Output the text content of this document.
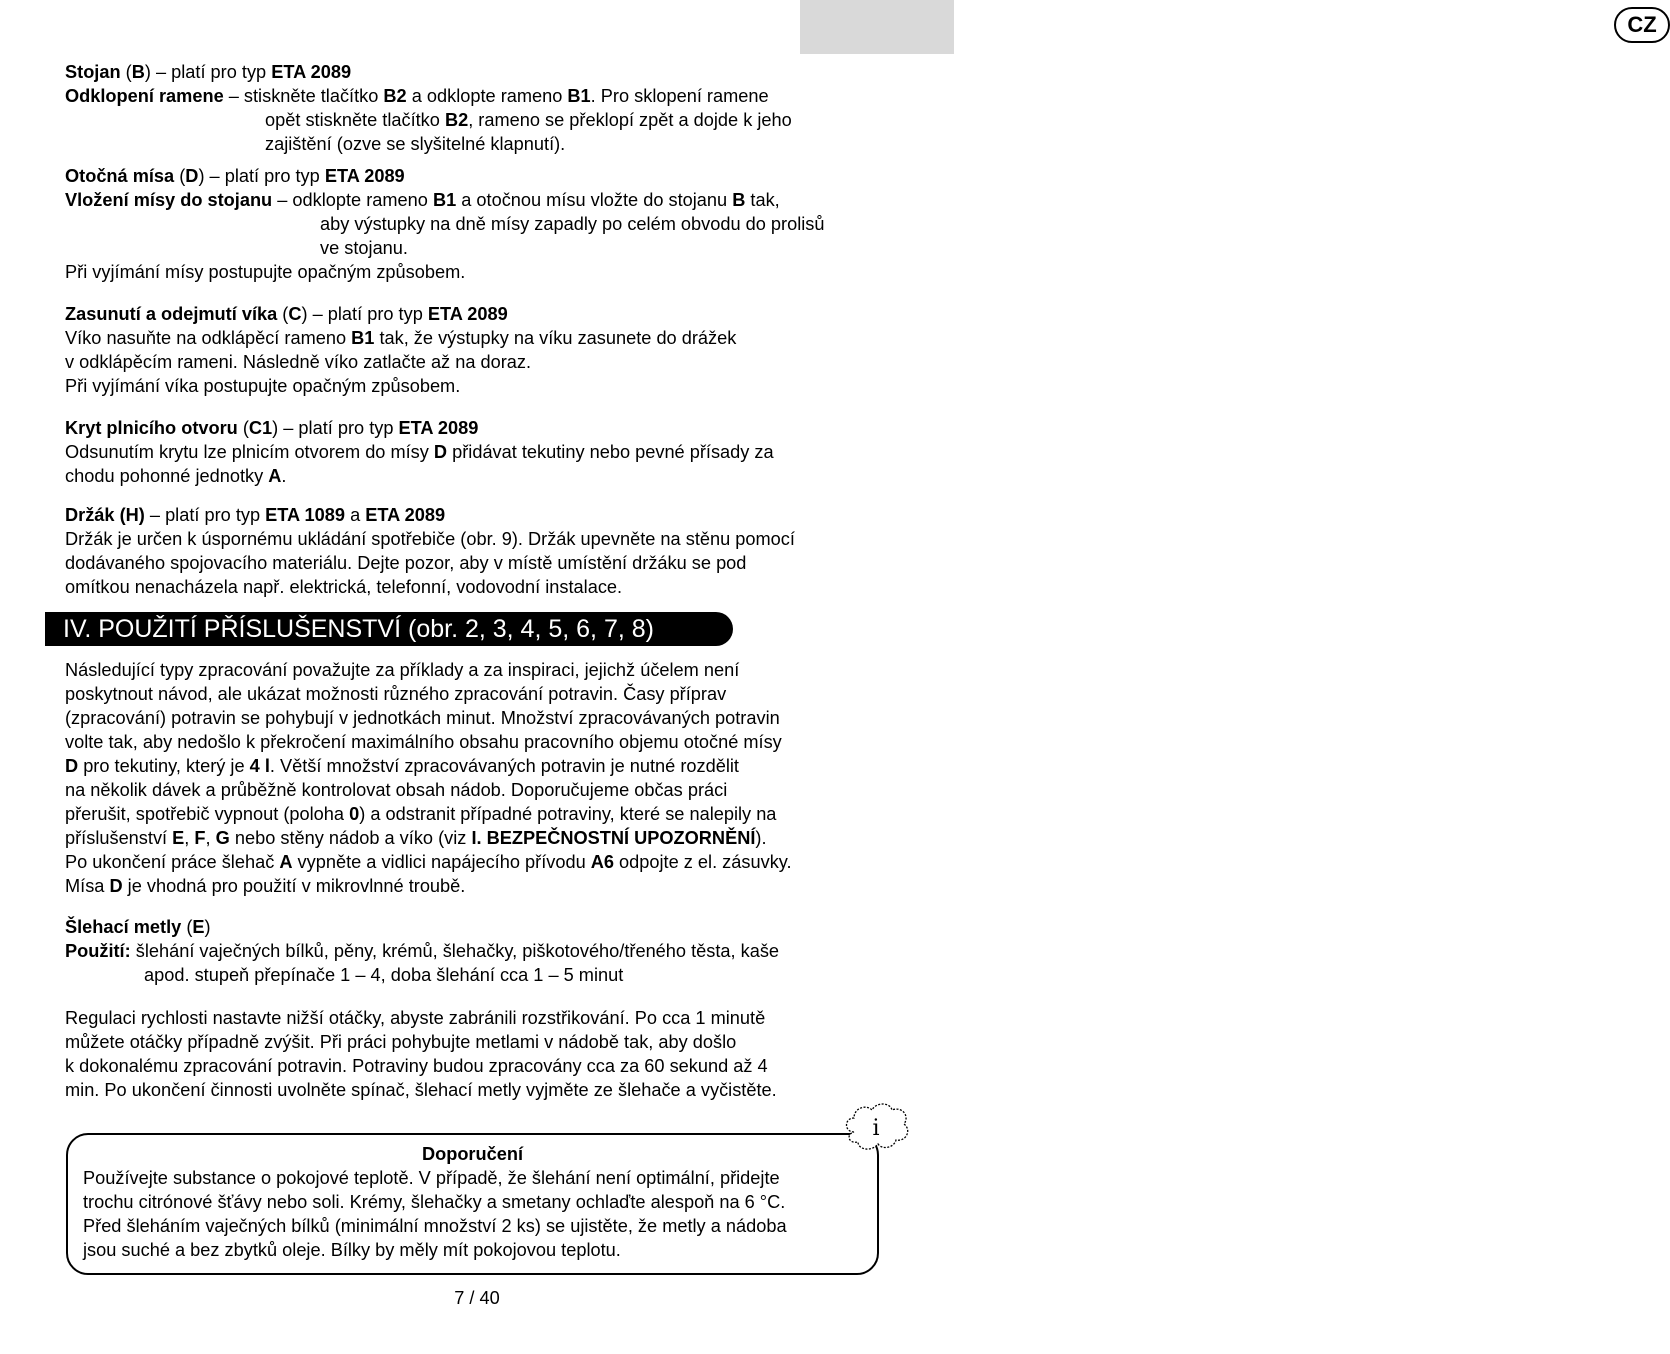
CZ
Stojan (B) – platí pro typ ETA 2089
Odklopení ramene – stiskněte tlačítko B2 a odklopte rameno B1. Pro sklopení ramene
opět stiskněte tlačítko B2, rameno se překlopí zpět a dojde k jeho
zajištění (ozve se slyšitelné klapnutí).
Otočná mísa (D) – platí pro typ ETA 2089
Vložení mísy do stojanu – odklopte rameno B1 a otočnou mísu vložte do stojanu B tak,
aby výstupky na dně mísy zapadly po celém obvodu do prolisů
ve stojanu.
Při vyjímání mísy postupujte opačným způsobem.
Zasunutí a odejmutí víka (C) – platí pro typ ETA 2089
Víko nasuňte na odklápěcí rameno B1 tak, že výstupky na víku zasunete do drážek
v odklápěcím rameni. Následně víko zatlačte až na doraz.
Při vyjímání víka postupujte opačným způsobem.
Kryt plnicího otvoru (C1) – platí pro typ ETA 2089
Odsunutím krytu lze plnicím otvorem do mísy D přidávat tekutiny nebo pevné přísady za
chodu pohonné jednotky A.
Držák (H) – platí pro typ ETA 1089 a ETA 2089
Držák je určen k úspornému ukládání spotřebiče (obr. 9). Držák upevněte na stěnu pomocí
dodávaného spojovacího materiálu. Dejte pozor, aby v místě umístění držáku se pod
omítkou nenacházela např. elektrická, telefonní, vodovodní instalace.
IV. POUŽITÍ PŘÍSLUŠENSTVÍ (obr. 2, 3, 4, 5, 6, 7, 8)
Následující typy zpracování považujte za příklady a za inspiraci, jejichž účelem není
poskytnout návod, ale ukázat možnosti různého zpracování potravin. Časy příprav
(zpracování) potravin se pohybují v jednotkách minut. Množství zpracovávaných potravin
volte tak, aby nedošlo k překročení maximálního obsahu pracovního objemu otočné mísy
D pro tekutiny, který je 4 l. Větší množství zpracovávaných potravin je nutné rozdělit
na několik dávek a průběžně kontrolovat obsah nádob. Doporučujeme občas práci
přerušit, spotřebič vypnout (poloha 0) a odstranit případné potraviny, které se nalepily na
příslušenství E, F, G nebo stěny nádob a víko (viz I. BEZPEČNOSTNÍ UPOZORNĚNÍ).
Po ukončení práce šlehač A vypněte a vidlici napájecího přívodu A6 odpojte z el. zásuvky.
Mísa D je vhodná pro použití v mikrovlnné troubě.
Šlehací metly (E)
Použití: šlehání vaječných bílků, pěny, krémů, šlehačky, piškotového/třeného těsta, kaše
apod. stupeň přepínače 1 – 4, doba šlehání cca 1 – 5 minut
Regulaci rychlosti nastavte nižší otáčky, abyste zabránili rozstřikování. Po cca 1 minutě
můžete otáčky případně zvýšit. Při práci pohybujte metlami v nádobě tak, aby došlo
k dokonalému zpracování potravin. Potraviny budou zpracovány cca za 60 sekund až 4
min. Po ukončení činnosti uvolněte spínač, šlehací metly vyjměte ze šlehače a vyčistěte.
Doporučení
Používejte substance o pokojové teplotě. V případě, že šlehání není optimální, přidejte
trochu citrónové šťávy nebo soli. Krémy, šlehačky a smetany ochlaďte alespoň na 6 °C.
Před šleháním vaječných bílků (minimální množství 2 ks) se ujistěte, že metly a nádoba
jsou suché a bez zbytků oleje. Bílky by měly mít pokojovou teplotu.
i
7 / 40
